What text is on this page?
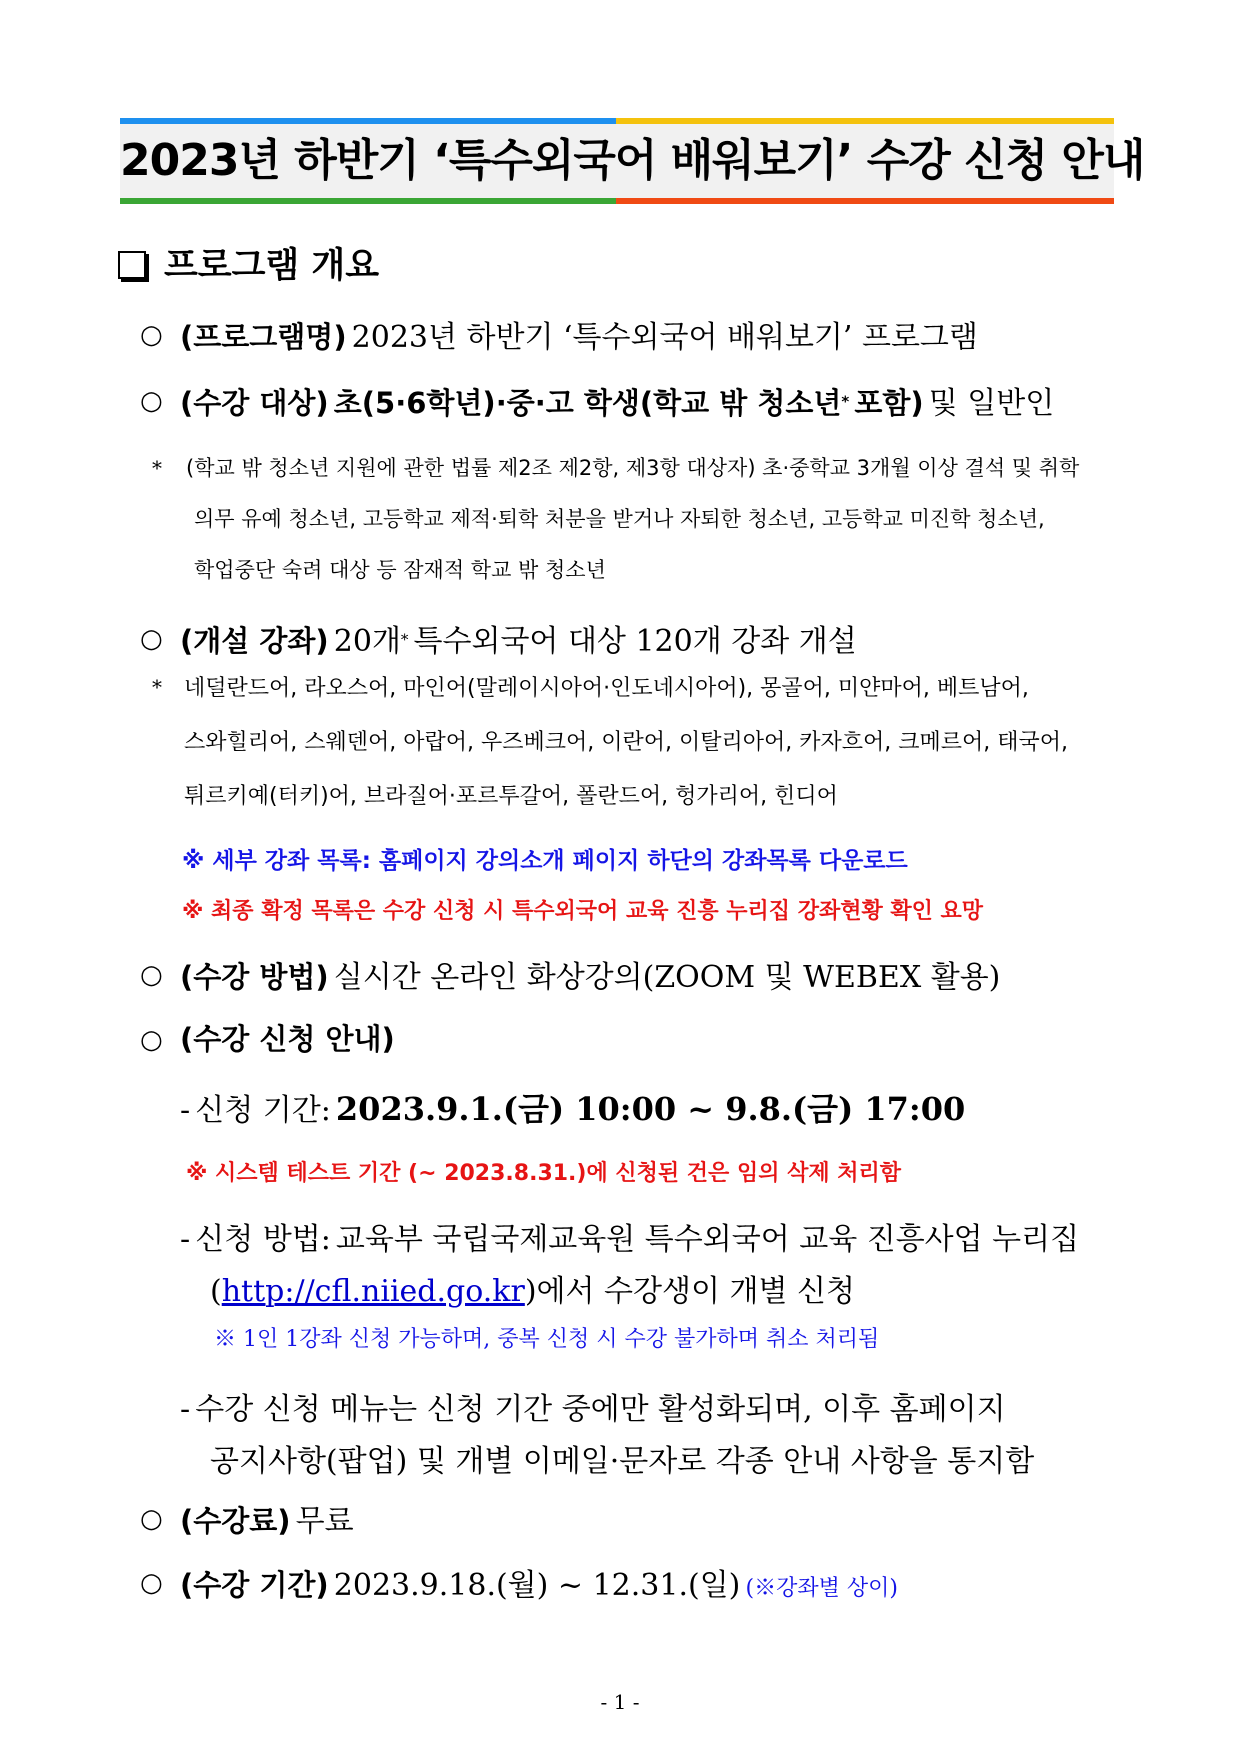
2023년 하반기 ‘특수외국어 배워보기’ 수강 신청 안내
프로그램 개요
○ (프로그램명) 2023년 하반기 ‘특수외국어 배워보기’ 프로그램
○ (수강 대상) 초(5·6학년)·중·고 학생(학교 밖 청소년* 포함) 및 일반인
* (학교 밖 청소년 지원에 관한 법률 제2조 제2항, 제3항 대상자) 초·중학교 3개월 이상 결석 및 취학
의무 유예 청소년, 고등학교 제적·퇴학 처분을 받거나 자퇴한 청소년, 고등학교 미진학 청소년,
학업중단 숙려 대상 등 잠재적 학교 밖 청소년
○ (개설 강좌) 20개* 특수외국어 대상 120개 강좌 개설
* 네덜란드어, 라오스어, 마인어(말레이시아어·인도네시아어), 몽골어, 미얀마어, 베트남어,
스와힐리어, 스웨덴어, 아랍어, 우즈베크어, 이란어, 이탈리아어, 카자흐어, 크메르어, 태국어,
튀르키예(터키)어, 브라질어·포르투갈어, 폴란드어, 헝가리어, 힌디어
※ 세부 강좌 목록: 홈페이지 강의소개 페이지 하단의 강좌목록 다운로드
※ 최종 확정 목록은 수강 신청 시 특수외국어 교육 진흥 누리집 강좌현황 확인 요망
○ (수강 방법) 실시간 온라인 화상강의(ZOOM 및 WEBEX 활용)
○ (수강 신청 안내)
- 신청 기간: 2023.9.1.(금) 10:00 ~ 9.8.(금) 17:00
※ 시스템 테스트 기간 (~ 2023.8.31.)에 신청된 건은 임의 삭제 처리함
- 신청 방법: 교육부 국립국제교육원 특수외국어 교육 진흥사업 누리집
(http://cfl.niied.go.kr)에서 수강생이 개별 신청
※ 1인 1강좌 신청 가능하며, 중복 신청 시 수강 불가하며 취소 처리됨
- 수강 신청 메뉴는 신청 기간 중에만 활성화되며, 이후 홈페이지
공지사항(팝업) 및 개별 이메일·문자로 각종 안내 사항을 통지함
○ (수강료) 무료
○ (수강 기간) 2023.9.18.(월) ~ 12.31.(일) (※강좌별 상이)
- 1 -
